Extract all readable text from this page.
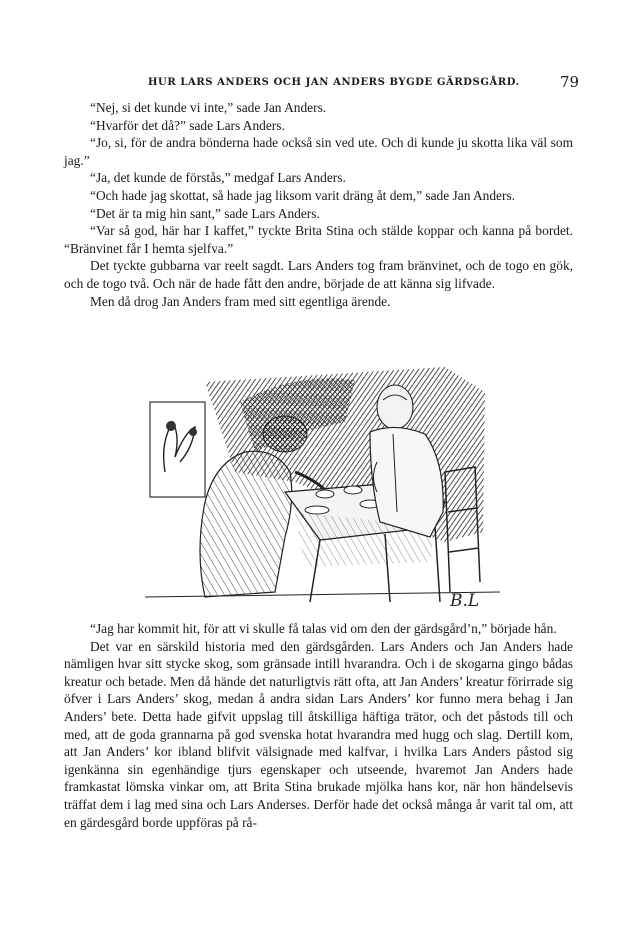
HUR LARS ANDERS OCH JAN ANDERS BYGDE GÄRDSGÅRD.	79

“Nej, si det kunde vi inte,” sade Jan Anders.

“Hvarför det då?” sade Lars Anders.

“Jo, si, för de andra bönderna hade också sin ved ute. Och di kunde ju skotta lika väl som jag.”

“Ja, det kunde de förstås,” medgaf Lars Anders.

“Och hade jag skottat, så hade jag liksom varit dräng åt dem,” sade Jan Anders.

“Det är ta mig hin sant,” sade Lars Anders.

“Var så god, här har I kaffet,” tyckte Brita Stina och stälde koppar och kanna på bordet. “Bränvinet får I hemta sjelfva.”

Det tyckte gubbarna var reelt sagdt. Lars Anders tog fram bränvinet, och de togo en gök, och de togo två. Och när de hade fått den andre, började de att känna sig lifvade.

Men då drog Jan Anders fram med sitt egentliga ärende.

B.L

“Jag har kommit hit, för att vi skulle få talas vid om den der gärdsgård’n,” började hån.

Det var en särskild historia med den gärdsgården. Lars Anders och Jan Anders hade nämligen hvar sitt stycke skog, som gränsade intill hvarandra. Och i de skogarna gingo bådas kreatur och betade. Men då hände det naturligtvis rätt ofta, att Jan Anders’ kreatur förirrade sig öfver i Lars Anders’ skog, medan å andra sidan Lars Anders’ kor funno mera behag i Jan Anders’ bete. Detta hade gifvit uppslag till åtskilliga häftiga trätor, och det påstods till och med, att de goda grannarna på god svenska hotat hvarandra med hugg och slag. Dertill kom, att Jan Anders’ kor ibland blifvit välsignade med kalfvar, i hvilka Lars Anders påstod sig igenkänna sin egenhändige tjurs egenskaper och utseende, hvaremot Jan Anders hade framkastat lömska vinkar om, att Brita Stina brukade mjölka hans kor, när hon händelsevis träffat dem i lag med sina och Lars Anderses. Derför hade det också många år varit tal om, att en gärdesgård borde uppföras på rå-
